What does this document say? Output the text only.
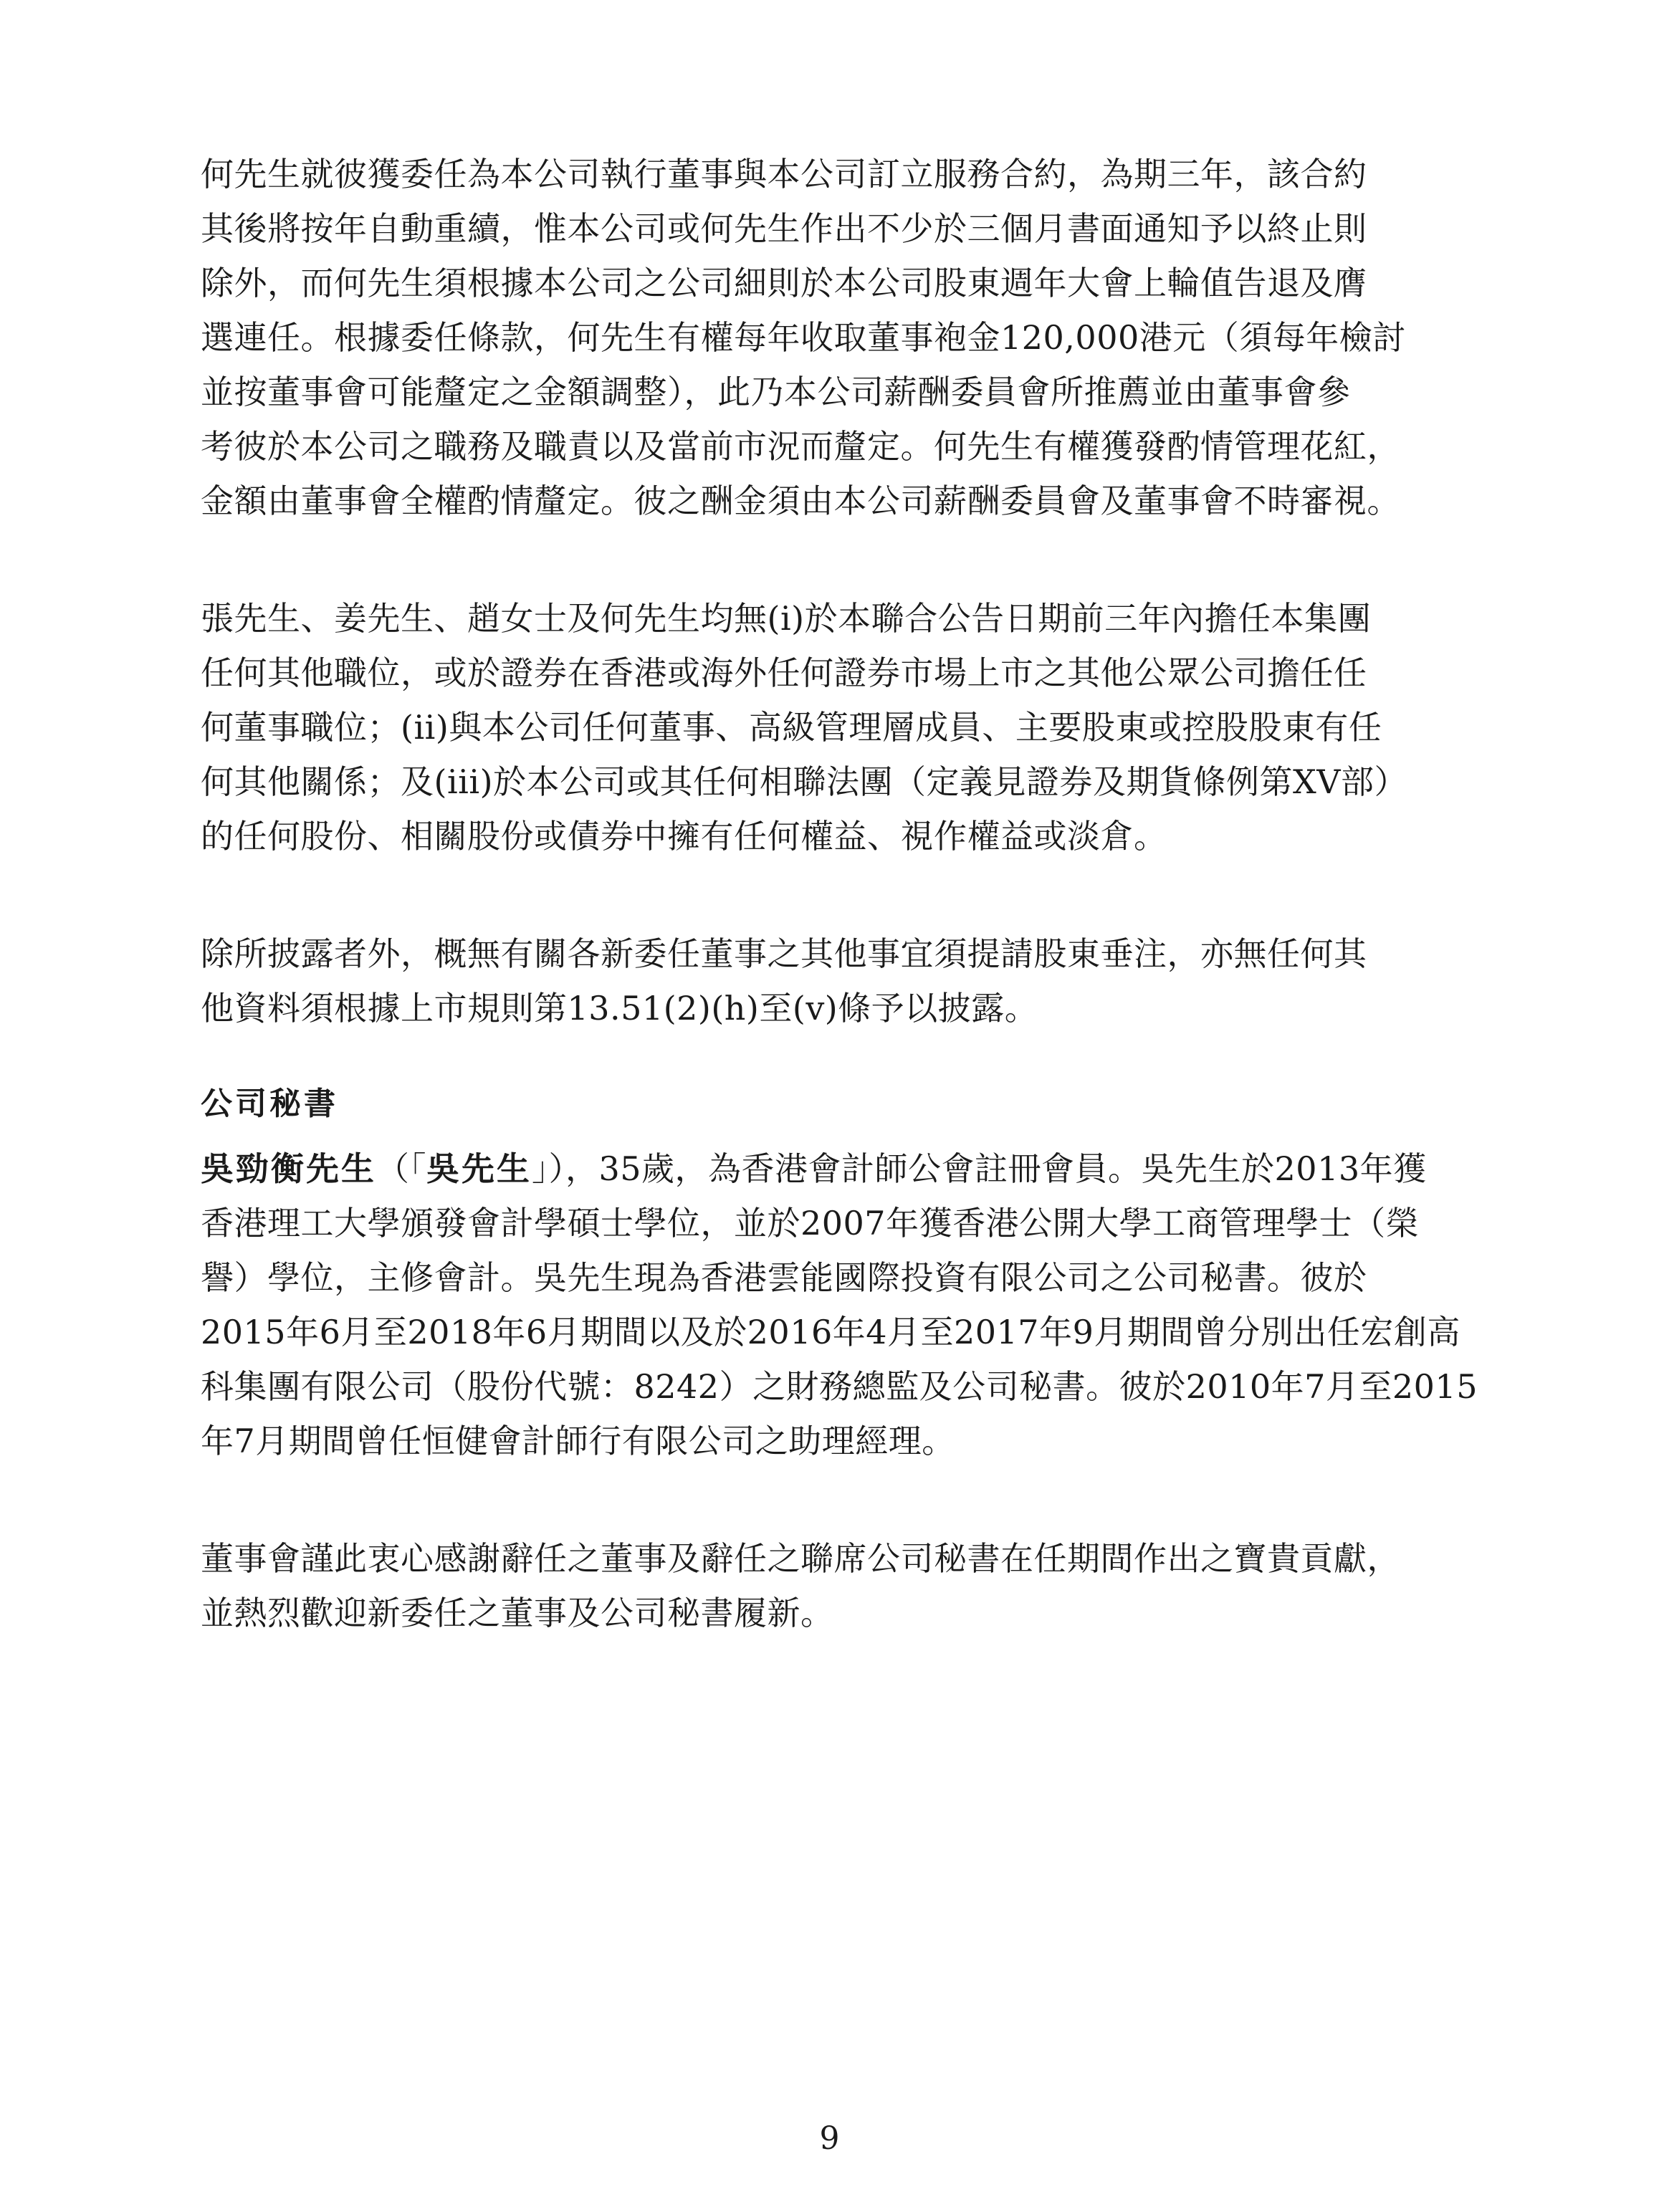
何先生就彼獲委任為本公司執行董事與本公司訂立服務合約，為期三年，該合約
其後將按年自動重續，惟本公司或何先生作出不少於三個月書面通知予以終止則
除外，而何先生須根據本公司之公司細則於本公司股東週年大會上輪值告退及膺
選連任。根據委任條款，何先生有權每年收取董事袍金120,000港元（須每年檢討
並按董事會可能釐定之金額調整），此乃本公司薪酬委員會所推薦並由董事會參
考彼於本公司之職務及職責以及當前市況而釐定。何先生有權獲發酌情管理花紅，
金額由董事會全權酌情釐定。彼之酬金須由本公司薪酬委員會及董事會不時審視。

張先生、姜先生、趙女士及何先生均無(i)於本聯合公告日期前三年內擔任本集團
任何其他職位，或於證券在香港或海外任何證券市場上市之其他公眾公司擔任任
何董事職位；(ii)與本公司任何董事、高級管理層成員、主要股東或控股股東有任
何其他關係；及(iii)於本公司或其任何相聯法團（定義見證券及期貨條例第XV部）
的任何股份、相關股份或債券中擁有任何權益、視作權益或淡倉。

除所披露者外，概無有關各新委任董事之其他事宜須提請股東垂注，亦無任何其
他資料須根據上市規則第13.51(2)(h)至(v)條予以披露。

公司秘書

吳勁衡先生（「吳先生」），35歲，為香港會計師公會註冊會員。吳先生於2013年獲
香港理工大學頒發會計學碩士學位，並於2007年獲香港公開大學工商管理學士（榮
譽）學位，主修會計。吳先生現為香港雲能國際投資有限公司之公司秘書。彼於
2015年6月至2018年6月期間以及於2016年4月至2017年9月期間曾分別出任宏創高
科集團有限公司（股份代號：8242）之財務總監及公司秘書。彼於2010年7月至2015
年7月期間曾任恒健會計師行有限公司之助理經理。

董事會謹此衷心感謝辭任之董事及辭任之聯席公司秘書在任期間作出之寶貴貢獻，
並熱烈歡迎新委任之董事及公司秘書履新。

9
